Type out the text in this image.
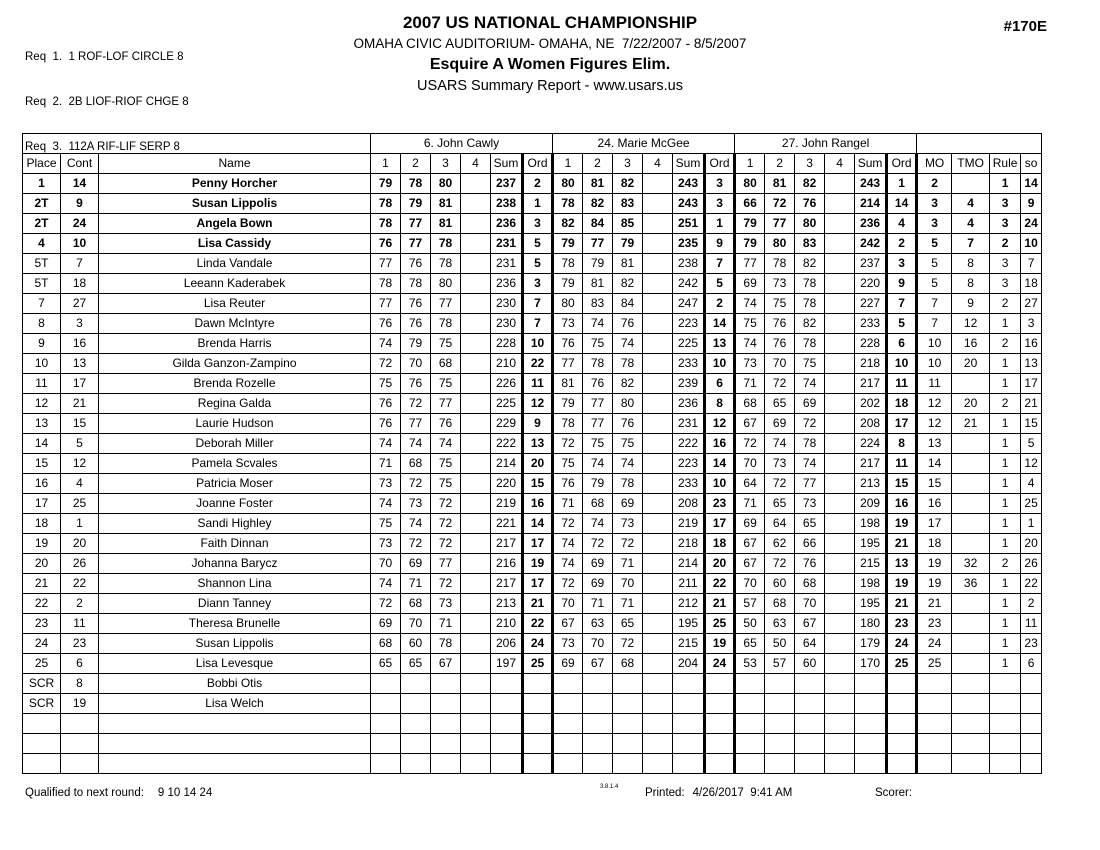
Req  1.  1 ROF-LOF CIRCLE 8

Req  2.  2B LIOF-RIOF CHGE 8

Req  3.  112A RIF-LIF SERP 8

2007 US NATIONAL CHAMPIONSHIP
OMAHA CIVIC AUDITORIUM- OMAHA, NE  7/22/2007 - 8/5/2007
Esquire A Women Figures Elim.
USARS Summary Report - www.usars.us
#170E
			6. John Cawly						24. Marie McGee						27. John Rangel									
Place	Cont	Name	1	2	3	4	Sum	Ord	1	2	3	4	Sum	Ord	1	2	3	4	Sum	Ord	MO	TMO	Rule	so
1	14	Penny Horcher	79	78	80		237	2	80	81	82		243	3	80	81	82		243	1	2		1	14
2T	9	Susan Lippolis	78	79	81		238	1	78	82	83		243	3	66	72	76		214	14	3	4	3	9
2T	24	Angela Bown	78	77	81		236	3	82	84	85		251	1	79	77	80		236	4	3	4	3	24
4	10	Lisa Cassidy	76	77	78		231	5	79	77	79		235	9	79	80	83		242	2	5	7	2	10
5T	7	Linda Vandale	77	76	78		231	5	78	79	81		238	7	77	78	82		237	3	5	8	3	7
5T	18	Leeann Kaderabek	78	78	80		236	3	79	81	82		242	5	69	73	78		220	9	5	8	3	18
7	27	Lisa Reuter	77	76	77		230	7	80	83	84		247	2	74	75	78		227	7	7	9	2	27
8	3	Dawn McIntyre	76	76	78		230	7	73	74	76		223	14	75	76	82		233	5	7	12	1	3
9	16	Brenda Harris	74	79	75		228	10	76	75	74		225	13	74	76	78		228	6	10	16	2	16
10	13	Gilda Ganzon-Zampino	72	70	68		210	22	77	78	78		233	10	73	70	75		218	10	10	20	1	13
11	17	Brenda Rozelle	75	76	75		226	11	81	76	82		239	6	71	72	74		217	11	11		1	17
12	21	Regina Galda	76	72	77		225	12	79	77	80		236	8	68	65	69		202	18	12	20	2	21
13	15	Laurie Hudson	76	77	76		229	9	78	77	76		231	12	67	69	72		208	17	12	21	1	15
14	5	Deborah Miller	74	74	74		222	13	72	75	75		222	16	72	74	78		224	8	13		1	5
15	12	Pamela Scvales	71	68	75		214	20	75	74	74		223	14	70	73	74		217	11	14		1	12
16	4	Patricia Moser	73	72	75		220	15	76	79	78		233	10	64	72	77		213	15	15		1	4
17	25	Joanne Foster	74	73	72		219	16	71	68	69		208	23	71	65	73		209	16	16		1	25
18	1	Sandi Highley	75	74	72		221	14	72	74	73		219	17	69	64	65		198	19	17		1	1
19	20	Faith Dinnan	73	72	72		217	17	74	72	72		218	18	67	62	66		195	21	18		1	20
20	26	Johanna Barycz	70	69	77		216	19	74	69	71		214	20	67	72	76		215	13	19	32	2	26
21	22	Shannon Lina	74	71	72		217	17	72	69	70		211	22	70	60	68		198	19	19	36	1	22
22	2	Diann Tanney	72	68	73		213	21	70	71	71		212	21	57	68	70		195	21	21		1	2
23	11	Theresa Brunelle	69	70	71		210	22	67	63	65		195	25	50	63	67		180	23	23		1	11
24	23	Susan Lippolis	68	60	78		206	24	73	70	72		215	19	65	50	64		179	24	24		1	23
25	6	Lisa Levesque	65	65	67		197	25	69	67	68		204	24	53	57	60		170	25	25		1	6
SCR	8	Bobbi Otis																						
SCR	19	Lisa Welch																						

Qualified to next round: 9 10 14 24	3.8.1.4 Printed: 4/26/2017  9:41 AM	Scorer:
